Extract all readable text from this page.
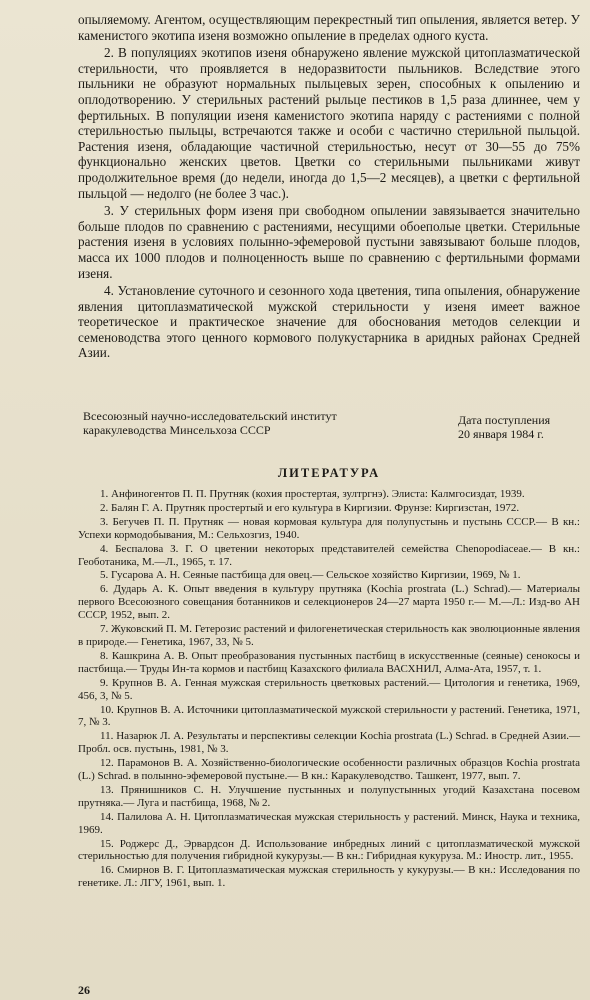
опыляемому. Агентом, осуществляющим перекрестный тип опыления, является ветер. У каменистого экотипа изеня возможно опыление в пределах одного куста.

2. В популяциях экотипов изеня обнаружено явление мужской цитоплазматической стерильности, что проявляется в недоразвитости пыльников. Вследствие этого пыльники не образуют нормальных пыльцевых зерен, способных к опылению и оплодотворению. У стерильных растений рыльце пестиков в 1,5 раза длиннее, чем у фертильных. В популяции изеня каменистого экотипа наряду с растениями с полной стерильностью пыльцы, встречаются также и особи с частично стерильной пыльцой. Растения изеня, обладающие частичной стерильностью, несут от 30—55 до 75% функционально женских цветов. Цветки со стерильными пыльниками живут продолжительное время (до недели, иногда до 1,5—2 месяцев), а цветки с фертильной пыльцой — недолго (не более 3 час.).

3. У стерильных форм изеня при свободном опылении завязывается значительно больше плодов по сравнению с растениями, несущими обоеполые цветки. Стерильные растения изеня в условиях полынно-эфемеровой пустыни завязывают больше плодов, масса их 1000 плодов и полноценность выше по сравнению с фертильными формами изеня.

4. Установление суточного и сезонного хода цветения, типа опыления, обнаружение явления цитоплазматической мужской стерильности у изеня имеет важное теоретическое и практическое значение для обоснования методов селекции и семеноводства этого ценного кормового полукустарника в аридных районах Средней Азии.

Всесоюзный научно-исследовательский институт
каракулеводства Минсельхоза СССР
Дата поступления
20 января 1984 г.
ЛИТЕРАТУРА
1. Анфиногентов П. П. Прутняк (кохия простертая, зултргнэ). Элиста: Калмгосиздат, 1939.
2. Балян Г. А. Прутняк простертый и его культура в Киргизии. Фрунзе: Киргизстан, 1972.
3. Бегучев П. П. Прутняк — новая кормовая культура для полупустынь и пустынь СССР.— В кн.: Успехи кормодобывания, М.: Сельхозгиз, 1940.
4. Беспалова З. Г. О цветении некоторых представителей семейства Chenopodiaceae.— В кн.: Геоботаника, М.—Л., 1965, т. 17.
5. Гусарова А. Н. Сеяные пастбища для овец.— Сельское хозяйство Киргизии, 1969, № 1.
6. Дударь А. К. Опыт введения в культуру прутняка (Kochia prostrata (L.) Schrad).— Материалы первого Всесоюзного совещания ботанников и селекционеров 24—27 марта 1950 г.— М.—Л.: Изд-во АН СССР, 1952, вып. 2.
7. Жуковский П. М. Гетерозис растений и филогенетическая стерильность как эволюционные явления в природе.— Генетика, 1967, 33, № 5.
8. Кашкрина А. В. Опыт преобразования пустынных пастбищ в искусственные (сеяные) сенокосы и пастбища.— Труды Ин-та кормов и пастбищ Казахского филиала ВАСХНИЛ, Алма-Ата, 1957, т. 1.
9. Крупнов В. А. Генная мужская стерильность цветковых растений.— Цитология и генетика, 1969, 456, 3, № 5.
10. Крупнов В. А. Источники цитоплазматической мужской стерильности у растений. Генетика, 1971, 7, № 3.
11. Назарюк Л. А. Результаты и перспективы селекции Kochia prostrata (L.) Schrad. в Средней Азии.— Пробл. осв. пустынь, 1981, № 3.
12. Парамонов В. А. Хозяйственно-биологические особенности различных образцов Kochia prostrata (L.) Schrad. в полынно-эфемеровой пустыне.— В кн.: Каракулеводство. Ташкент, 1977, вып. 7.
13. Прянишников С. Н. Улучшение пустынных и полупустынных угодий Казахстана посевом прутняка.— Луга и пастбища, 1968, № 2.
14. Палилова А. Н. Цитоплазматическая мужская стерильность у растений. Минск, Наука и техника, 1969.
15. Роджерс Д., Эрвардсон Д. Использование инбредных линий с цитоплазматической мужской стерильностью для получения гибридной кукурузы.— В кн.: Гибридная кукуруза. М.: Иностр. лит., 1955.
16. Смирнов В. Г. Цитоплазматическая мужская стерильность у кукурузы.— В кн.: Исследования по генетике. Л.: ЛГУ, 1961, вып. 1.
26
